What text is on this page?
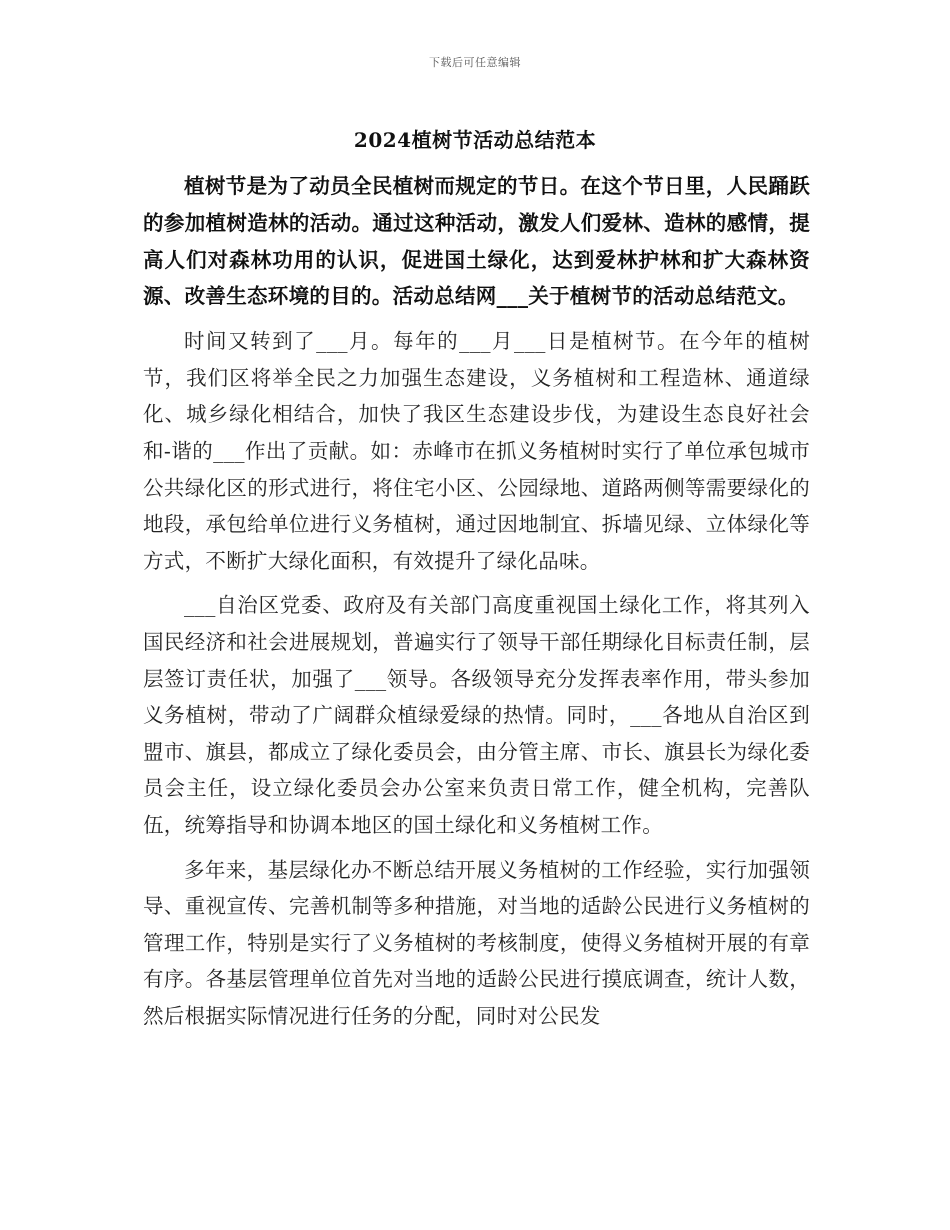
下载后可任意编辑
2024植树节活动总结范本

植树节是为了动员全民植树而规定的节日。在这个节日里，人民踊跃的参加植树造林的活动。通过这种活动，激发人们爱林、造林的感情，提高人们对森林功用的认识，促进国土绿化，达到爱林护林和扩大森林资源、改善生态环境的目的。活动总结网___关于植树节的活动总结范文。

时间又转到了___月。每年的___月___日是植树节。在今年的植树节，我们区将举全民之力加强生态建设，义务植树和工程造林、通道绿化、城乡绿化相结合，加快了我区生态建设步伐，为建设生态良好社会和-谐的___作出了贡献。如：赤峰市在抓义务植树时实行了单位承包城市公共绿化区的形式进行，将住宅小区、公园绿地、道路两侧等需要绿化的地段，承包给单位进行义务植树，通过因地制宜、拆墙见绿、立体绿化等方式，不断扩大绿化面积，有效提升了绿化品味。

___自治区党委、政府及有关部门高度重视国土绿化工作，将其列入国民经济和社会进展规划，普遍实行了领导干部任期绿化目标责任制，层层签订责任状，加强了___领导。各级领导充分发挥表率作用，带头参加义务植树，带动了广阔群众植绿爱绿的热情。同时，___各地从自治区到盟市、旗县，都成立了绿化委员会，由分管主席、市长、旗县长为绿化委员会主任，设立绿化委员会办公室来负责日常工作，健全机构，完善队伍，统筹指导和协调本地区的国土绿化和义务植树工作。

多年来，基层绿化办不断总结开展义务植树的工作经验，实行加强领导、重视宣传、完善机制等多种措施，对当地的适龄公民进行义务植树的管理工作，特别是实行了义务植树的考核制度，使得义务植树开展的有章有序。各基层管理单位首先对当地的适龄公民进行摸底调查，统计人数，然后根据实际情况进行任务的分配，同时对公民发
